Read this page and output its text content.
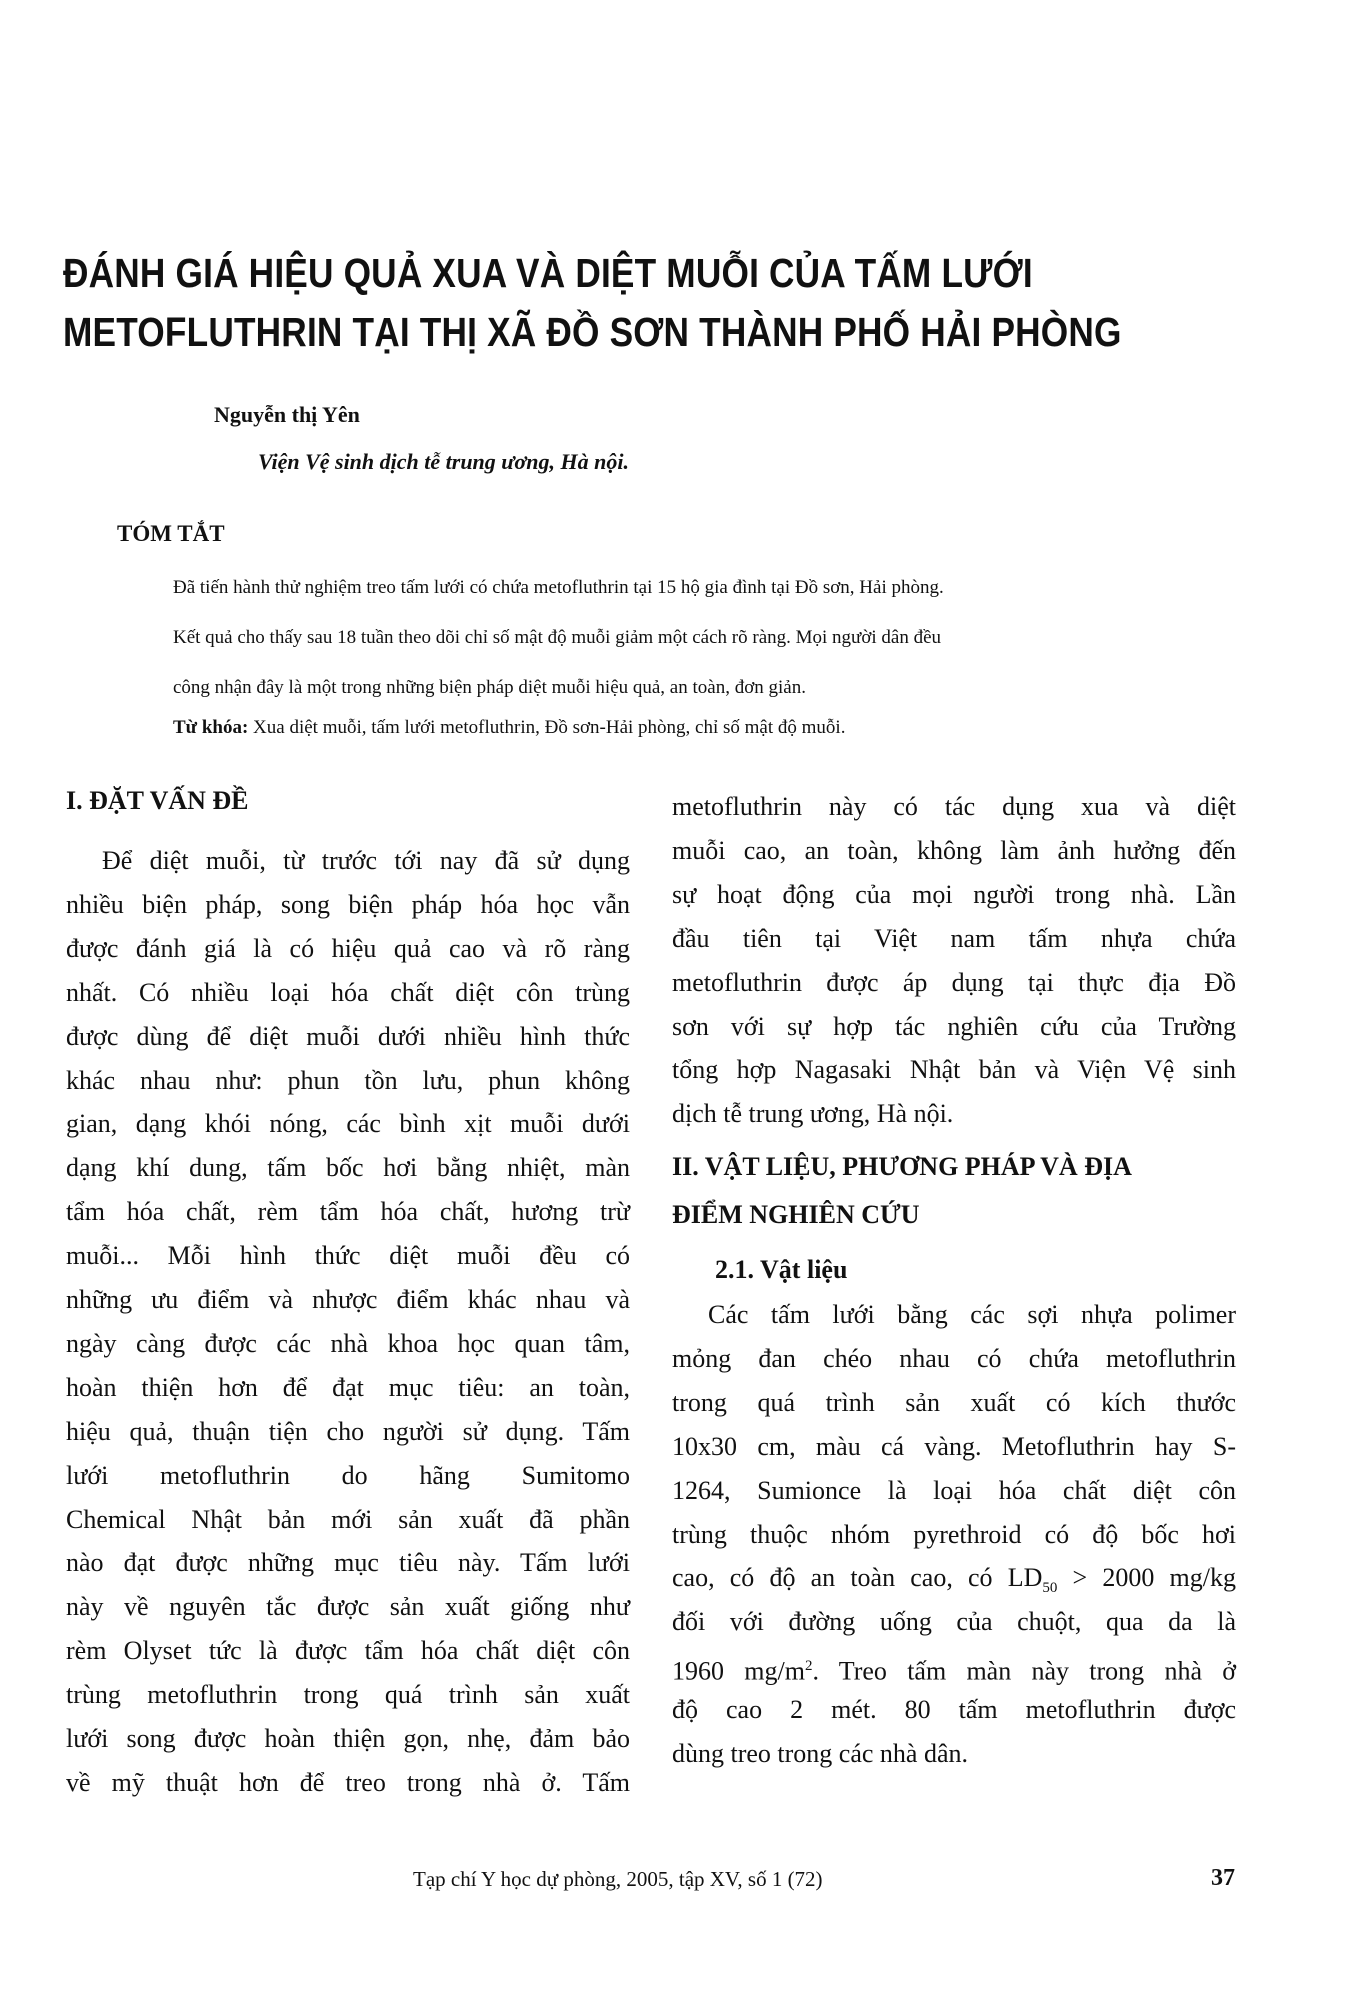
ĐÁNH GIÁ HIỆU QUẢ XUA VÀ DIỆT MUỖI CỦA TẤM LƯỚI
METOFLUTHRIN TẠI THỊ XÃ ĐỒ SƠN THÀNH PHỐ HẢI PHÒNG
Nguyễn thị Yên
Viện Vệ sinh dịch tễ trung ương, Hà nội.
TÓM TẮT
Đã tiến hành thử nghiệm treo tấm lưới có chứa metofluthrin tại 15 hộ gia đình tại Đồ sơn, Hải phòng.
Kết quả cho thấy sau 18 tuần theo dõi chỉ số mật độ muỗi giảm một cách rõ ràng. Mọi người dân đều
công nhận đây là một trong những biện pháp diệt muỗi hiệu quả, an toàn, đơn giản.
Từ khóa: Xua diệt muỗi, tấm lưới metofluthrin, Đồ sơn-Hải phòng, chỉ số mật độ muỗi.
I. ĐẶT VẤN ĐỀ
Để diệt muỗi, từ trước tới nay đã sử dụng
nhiều biện pháp, song biện pháp hóa học vẫn
được đánh giá là có hiệu quả cao và rõ ràng
nhất. Có nhiều loại hóa chất diệt côn trùng
được dùng để diệt muỗi dưới nhiều hình thức
khác nhau như: phun tồn lưu, phun không
gian, dạng khói nóng, các bình xịt muỗi dưới
dạng khí dung, tấm bốc hơi bằng nhiệt, màn
tẩm hóa chất, rèm tẩm hóa chất, hương trừ
muỗi... Mỗi hình thức diệt muỗi đều có
những ưu điểm và nhược điểm khác nhau và
ngày càng được các nhà khoa học quan tâm,
hoàn thiện hơn để đạt mục tiêu: an toàn,
hiệu quả, thuận tiện cho người sử dụng. Tấm
lưới metofluthrin do hãng Sumitomo
Chemical Nhật bản mới sản xuất đã phần
nào đạt được những mục tiêu này. Tấm lưới
này về nguyên tắc được sản xuất giống như
rèm Olyset tức là được tẩm hóa chất diệt côn
trùng metofluthrin trong quá trình sản xuất
lưới song được hoàn thiện gọn, nhẹ, đảm bảo
về mỹ thuật hơn để treo trong nhà ở. Tấm
metofluthrin này có tác dụng xua và diệt
muỗi cao, an toàn, không làm ảnh hưởng đến
sự hoạt động của mọi người trong nhà. Lần
đầu tiên tại Việt nam tấm nhựa chứa
metofluthrin được áp dụng tại thực địa Đồ
sơn với sự hợp tác nghiên cứu của Trường
tổng hợp Nagasaki Nhật bản và Viện Vệ sinh
dịch tễ trung ương, Hà nội.
II. VẬT LIỆU, PHƯƠNG PHÁP VÀ ĐỊA
ĐIỂM NGHIÊN CỨU
2.1. Vật liệu
cao, có độ an toàn cao, có $LD_{50} > 2000$ mg/kg
đối với đường uống của chuột, qua da là
1960 $mg/m^2$. Treo tấm màn này trong nhà ở
Các tấm lưới bằng các sợi nhựa polimer
mỏng đan chéo nhau có chứa metofluthrin
trong quá trình sản xuất có kích thước
10x30 cm, màu cá vàng. Metofluthrin hay S-
1264, Sumionce là loại hóa chất diệt côn
trùng thuộc nhóm pyrethroid có độ bốc hơi
độ cao 2 mét. 80 tấm metofluthrin được
dùng treo trong các nhà dân.
Tạp chí Y học dự phòng, 2005, tập XV, số 1 (72)	37
